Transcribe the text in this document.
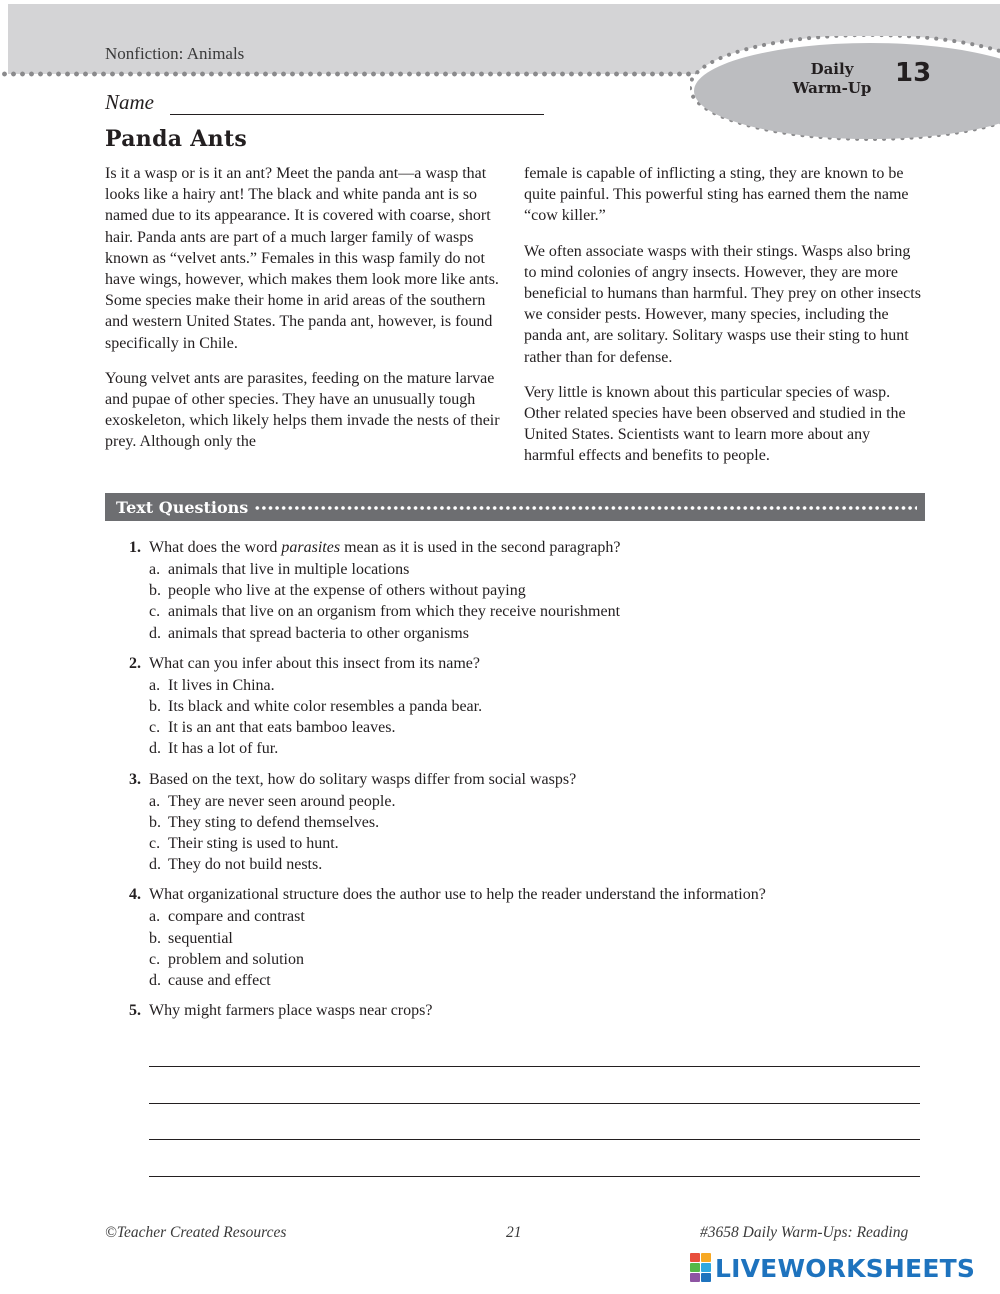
Nonfiction: Animals
Daily
Warm-Up 13
Name
Panda Ants

Is it a wasp or is it an ant? Meet the panda ant—a wasp that looks like a hairy ant! The black and white panda ant is so named due to its appearance. It is covered with coarse, short hair. Panda ants are part of a much larger family of wasps known as “velvet ants.” Females in this wasp family do not have wings, however, which makes them look more like ants. Some species make their home in arid areas of the southern and western United States. The panda ant, however, is found specifically in Chile.

Young velvet ants are parasites, feeding on the mature larvae and pupae of other species. They have an unusually tough exoskeleton, which likely helps them invade the nests of their prey. Although only the

female is capable of inflicting a sting, they are known to be quite painful. This powerful sting has earned them the name “cow killer.”

We often associate wasps with their stings. Wasps also bring to mind colonies of angry insects. However, they are more beneficial to humans than harmful. They prey on other insects we consider pests. However, many species, including the panda ant, are solitary. Solitary wasps use their sting to hunt rather than for defense.

Very little is known about this particular species of wasp. Other related species have been observed and studied in the United States. Scientists want to learn more about any harmful effects and benefits to people.

Text Questions
1. What does the word parasites mean as it is used in the second paragraph?
a. animals that live in multiple locations
b. people who live at the expense of others without paying
c. animals that live on an organism from which they receive nourishment
d. animals that spread bacteria to other organisms
2. What can you infer about this insect from its name?
a. It lives in China.
b. Its black and white color resembles a panda bear.
c. It is an ant that eats bamboo leaves.
d. It has a lot of fur.
3. Based on the text, how do solitary wasps differ from social wasps?
a. They are never seen around people.
b. They sting to defend themselves.
c. Their sting is used to hunt.
d. They do not build nests.
4. What organizational structure does the author use to help the reader understand the information?
a. compare and contrast
b. sequential
c. problem and solution
d. cause and effect
5. Why might farmers place wasps near crops?
©Teacher Created Resources	21	#3658 Daily Warm-Ups: Reading
LIVEWORKSHEETS
